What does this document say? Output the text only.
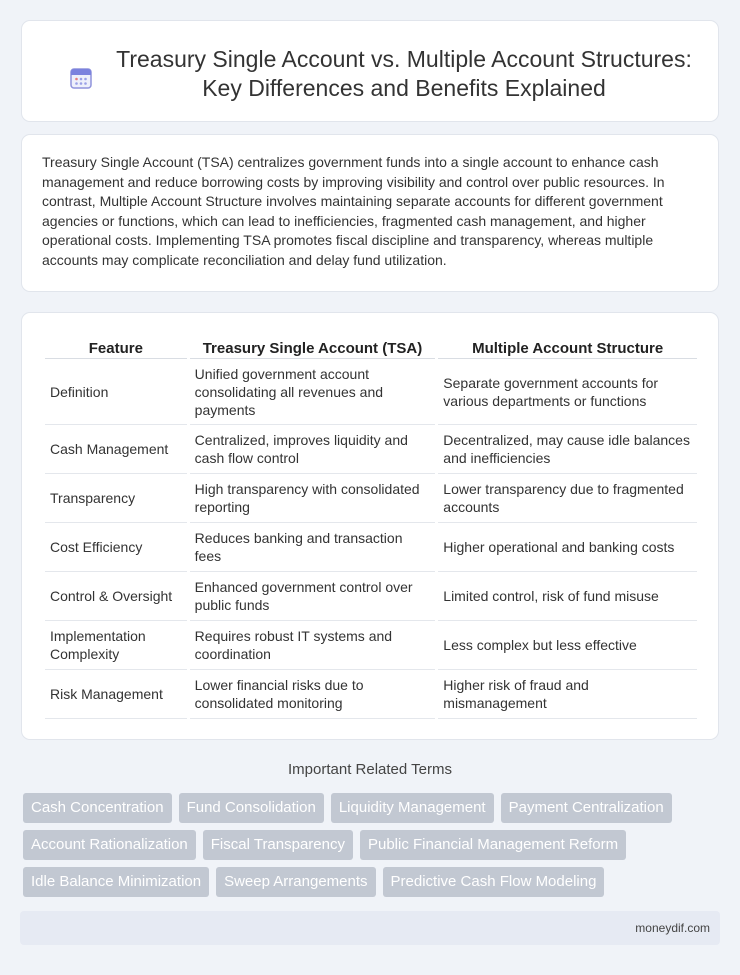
Treasury Single Account vs. Multiple Account Structures: Key Differences and Benefits Explained

Treasury Single Account (TSA) centralizes government funds into a single account to enhance cash management and reduce borrowing costs by improving visibility and control over public resources. In contrast, Multiple Account Structure involves maintaining separate accounts for different government agencies or functions, which can lead to inefficiencies, fragmented cash management, and higher operational costs. Implementing TSA promotes fiscal discipline and transparency, whereas multiple accounts may complicate reconciliation and delay fund utilization.

Feature	Treasury Single Account (TSA)	Multiple Account Structure
Definition	Unified government account consolidating all revenues and payments	Separate government accounts for various departments or functions
Cash Management	Centralized, improves liquidity and cash flow control	Decentralized, may cause idle balances and inefficiencies
Transparency	High transparency with consolidated reporting	Lower transparency due to fragmented accounts
Cost Efficiency	Reduces banking and transaction fees	Higher operational and banking costs
Control & Oversight	Enhanced government control over public funds	Limited control, risk of fund misuse
Implementation Complexity	Requires robust IT systems and coordination	Less complex but less effective
Risk Management	Lower financial risks due to consolidated monitoring	Higher risk of fraud and mismanagement
Important Related Terms
Cash Concentration	Fund Consolidation	Liquidity Management	Payment Centralization
Account Rationalization	Fiscal Transparency	Public Financial Management Reform
Idle Balance Minimization	Sweep Arrangements	Predictive Cash Flow Modeling
moneydif.com
